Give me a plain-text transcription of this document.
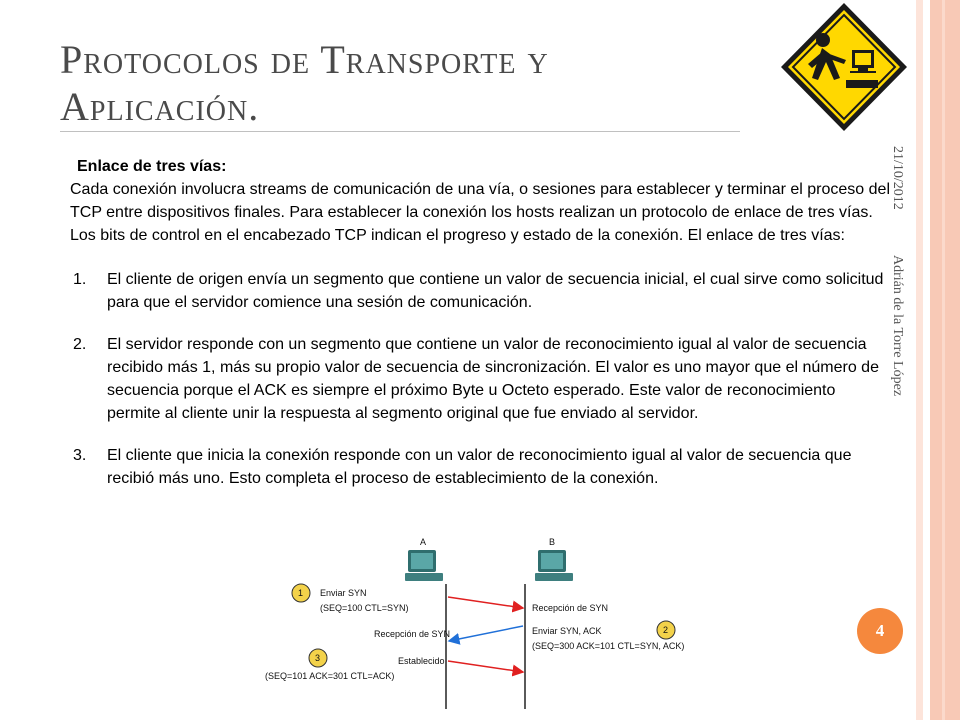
Protocolos de Transporte y
Aplicación.

Enlace de tres vías:

Cada conexión involucra streams de comunicación de una vía, o sesiones para establecer y terminar el proceso del TCP entre dispositivos finales. Para establecer la conexión los hosts realizan un protocolo de enlace de tres vías. Los bits de control en el encabezado TCP indican el progreso y estado de la conexión. El enlace de tres vías:

1. El cliente de origen envía un segmento que contiene un valor de secuencia inicial, el cual sirve como solicitud para que el servidor comience una sesión de comunicación.
2. El servidor responde con un segmento que contiene un valor de reconocimiento igual al valor de secuencia recibido más 1, más su propio valor de secuencia de sincronización. El valor es uno mayor que el número de secuencia porque el ACK es siempre el próximo Byte u Octeto esperado. Este valor de reconocimiento permite al cliente unir la respuesta al segmento original que fue enviado al servidor.
3. El cliente que inicia la conexión responde con un valor de reconocimiento igual al valor de secuencia que recibió más uno. Esto completa el proceso de establecimiento de la conexión.
21/10/2012
Adrián de la Torre López
4
A	B
1 Enviar SYN
(SEQ=100 CTL=SYN)	Recepción de SYN
Recepción de SYN	Enviar SYN, ACK
(SEQ=300 ACK=101 CTL=SYN, ACK)
2
3	Establecido
(SEQ=101 ACK=301 CTL=ACK)
